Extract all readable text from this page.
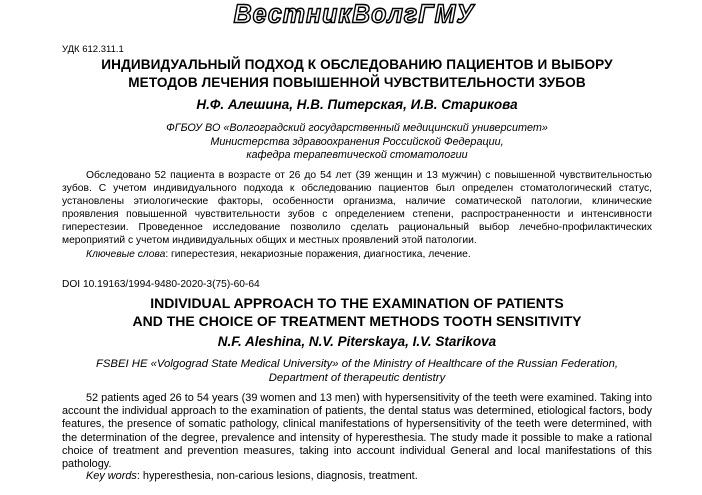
ВестникВолгГМУ
УДК 612.311.1
ИНДИВИДУАЛЬНЫЙ ПОДХОД К ОБСЛЕДОВАНИЮ ПАЦИЕНТОВ И ВЫБОРУ
МЕТОДОВ ЛЕЧЕНИЯ ПОВЫШЕННОЙ ЧУВСТВИТЕЛЬНОСТИ ЗУБОВ
Н.Ф. Алешина, Н.В. Питерская, И.В. Старикова
ФГБОУ ВО «Волгоградский государственный медицинский университет»
Министерства здравоохранения Российской Федерации,
кафедра терапевтической стоматологии
Обследовано 52 пациента в возрасте от 26 до 54 лет (39 женщин и 13 мужчин) с повышенной чувствительностью зубов. С учетом индивидуального подхода к обследованию пациентов был определен стоматологический статус, установлены этиологические факторы, особенности организма, наличие соматической патологии, клинические проявления повышенной чувствительности зубов с определением степени, распространенности и интенсивности гиперестезии. Проведенное исследование позволило сделать рациональный выбор лечебно-профилактических мероприятий с учетом индивидуальных общих и местных проявлений этой патологии.
Ключевые слова: гиперестезия, некариозные поражения, диагностика, лечение.
DOI 10.19163/1994-9480-2020-3(75)-60-64
INDIVIDUAL APPROACH TO THE EXAMINATION OF PATIENTS
AND THE CHOICE OF TREATMENT METHODS TOOTH SENSITIVITY
N.F. Aleshina, N.V. Piterskaya, I.V. Starikova
FSBEI HE «Volgograd State Medical University» of the Ministry of Healthcare of the Russian Federation,
Department of therapeutic dentistry
52 patients aged 26 to 54 years (39 women and 13 men) with hypersensitivity of the teeth were examined. Taking into account the individual approach to the examination of patients, the dental status was determined, etiological factors, body features, the presence of somatic pathology, clinical manifestations of hypersensitivity of the teeth were determined, with the determination of the degree, prevalence and intensity of hyperesthesia. The study made it possible to make a rational choice of treatment and prevention measures, taking into account individual General and local manifestations of this pathology.
Key words: hyperesthesia, non-carious lesions, diagnosis, treatment.
